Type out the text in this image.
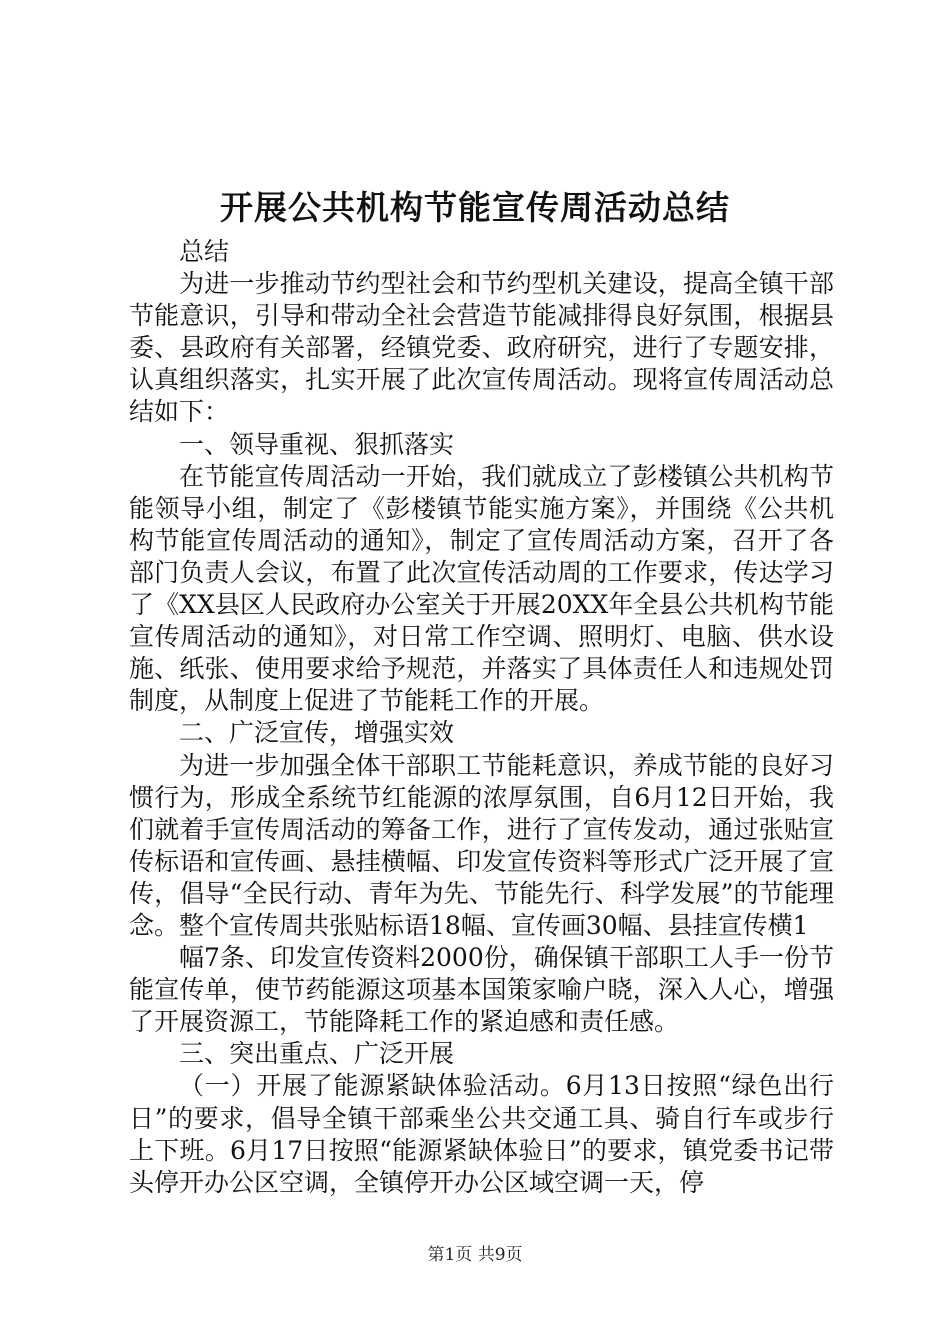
开展公共机构节能宣传周活动总结

总结

为进一步推动节约型社会和节约型机关建设，提高全镇干部节能意识，引导和带动全社会营造节能减排得良好氛围，根据县委、县政府有关部署，经镇党委、政府研究，进行了专题安排，认真组织落实，扎实开展了此次宣传周活动。现将宣传周活动总结如下：

一、领导重视、狠抓落实

在节能宣传周活动一开始，我们就成立了彭楼镇公共机构节能领导小组，制定了《彭楼镇节能实施方案》，并围绕《公共机构节能宣传周活动的通知》，制定了宣传周活动方案，召开了各部门负责人会议，布置了此次宣传活动周的工作要求，传达学习了《XX县区人民政府办公室关于开展20XX年全县公共机构节能宣传周活动的通知》，对日常工作空调、照明灯、电脑、供水设施、纸张、使用要求给予规范，并落实了具体责任人和违规处罚制度，从制度上促进了节能耗工作的开展。

二、广泛宣传，增强实效

为进一步加强全体干部职工节能耗意识，养成节能的良好习惯行为，形成全系统节红能源的浓厚氛围，自6月12日开始，我们就着手宣传周活动的筹备工作，进行了宣传发动，通过张贴宣传标语和宣传画、悬挂横幅、印发宣传资料等形式广泛开展了宣传，倡导“全民行动、青年为先、节能先行、科学发展”的节能理念。整个宣传周共张贴标语18幅、宣传画30幅、县挂宣传横1

幅7条、印发宣传资料2000份，确保镇干部职工人手一份节能宣传单，使节药能源这项基本国策家喻户晓，深入人心，增强了开展资源工，节能降耗工作的紧迫感和责任感。

三、突出重点、广泛开展

（一）开展了能源紧缺体验活动。6月13日按照“绿色出行日”的要求，倡导全镇干部乘坐公共交通工具、骑自行车或步行上下班。6月17日按照“能源紧缺体验日”的要求，镇党委书记带头停开办公区空调，全镇停开办公区域空调一天，停

第1页 共9页
